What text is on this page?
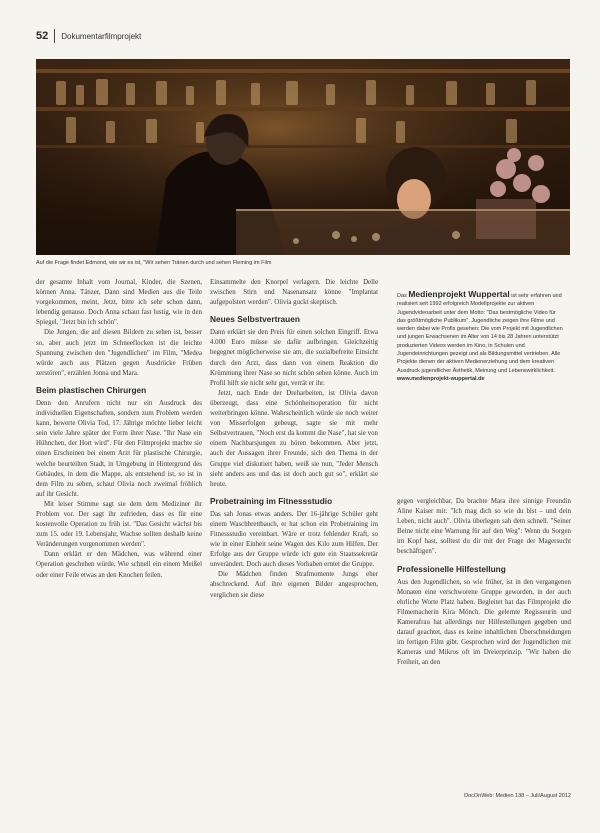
52 Dokumentarfilmprojekt
Auf die Frage findet Edmond, wie wir es ist, "Wir sehen Tränen durch und sehen Fleming im Film

der gesamte Inhalt vom Journal, Kinder, die Szenen, können Anna. Tänzer, Dann sind Medien aus die Teile vorgekommen, meint, Jetzt, bitte ich sehr schon dann, lebendig genauso. Doch Anna schaut fast lustig, wie in den Spiegel, "Jetzt bin ich schön".

Die Jungen, die auf diesen Bildern zu sehen ist, besser so, aber auch jetzt im Schneeflocken ist die leichte Spannung zwischen den "Jugendlichen" im Film, "Medea würde auch aus Plätzen gegen Ausdrücke Frühen zerstören", erzählen Jonna und Mara.

Beim plastischen Chirurgen

Denn den Anrufern nicht nur ein Ausdruck des individuellen Eigenschaften, sondern zum Problem werden kann, bewerte Olivia Tod, 17. Jährige möchte lieber leicht sein viele Jahre später der Form ihrer Nase. "Ihr Nase ein Hühnchen, der Hort wird". Für den Filmprojekt machte sie einen Erscheinen bei einem Arzt für plastische Chirurgie, welche beurteilten Stadt, in Umgebung in Hintergrund des Gebäudes, in dem die Mappe, als entstehend ist, so ist in dem Film zu sehen, schaut Olivia noch zweimal fröhlich auf ihr Gesicht.

Mit leiser Stimme sagt sie dem dem Mediziner ihr Problem vor. Der sagt ihr zufrieden, dass es für eine kostenvolle Operation zu früh ist. "Das Gesicht wächst bis zum 15. oder 19. Lebensjahr, Wachse sollten deshalb keine Veränderungen vorgenommen werden".

Dann erklärt er den Mädchen, was während einer Operation geschehen würde, Wie schnell ein einem Meißel oder einer Feile etwas an den Knochen feilen.

Einsammelte den Knorpel verlagern. Die leichte Delle zwischen Stirn und Nasenansatz könne "Implantat aufgepolstert werden". Olivia guckt skeptisch.

Neues Selbstvertrauen

Dann erklärt sie den Preis für einen solchen Eingriff. Etwa 4.000 Euro müsse sie dafür aufbringen. Gleichzeitig begegnet möglicherweise sie am, die sozialbefreite Einsicht durch den Arzt, dass dann von einem Reaktion die Krümmung ihrer Nase so nicht schön sehen könne. Auch im Profil hilft sie nicht sehr gut, verrät er ihr.

Jetzt, nach Ende der Dreharbeiten, ist Olivia davon überzeugt, dass eine Schönheitsoperation für nicht weiterbringen könne. Wahrscheinlich würde sie noch weiter von Misserfolgen gebeugt, sagte sie mit mehr Selbstvertrauen, "Noch erst da kommt die Nase", hat sie von einem Nachbarsjungen zu hören bekommen. Aber jetzt, auch der Aussagen ihrer Freunde, sich den Thema in der Gruppe viel diskutiert haben, weiß sie nun, "Jeder Mensch sieht anders aus und das ist doch auch gut so", erklärt sie heute.

Probetraining im Fitnessstudio

Das sah Jonas etwas anders. Der 16-jährige Schüler geht einem Waschbrettbauch, er hat schon ein Probetraining im Fitnessstudio vereinbart. Wäre er trotz fehlender Kraft, so wie in einer Einheit seine Wagen des Kilo zum Hilfen. Der Erfolge aus der Gruppe würde ich gute ein Staatssekretär unverändert. Doch auch dieses Vorhaben erntet die Gruppe.

Die Mädchen finden Strafmomente Jungs eher abschreckend. Auf ihre eigenen Bilder angesprochen, verglichen sie diese

Das Medienprojekt Wuppertal ist sehr erfahren und realisiert seit 1992 erfolgreich Modellprojekte zur aktiven Jugendvideoarbeit unter dem Motto: "Das bestmögliche Video für das größtmögliche Publikum". Jugendliche zeigen ihre Filme und werden dabei wie Profis gesehen: Die vom Projekt mit Jugendlichen und jungen Erwachsenen im Alter von 14 bis 28 Jahren unterstützt produzierten Videos werden im Kino, in Schulen und Jugendeinrichtungen gezeigt und als Bildungsmittel vertrieben. Alle Projekte dienen der aktiven Medienerziehung und dem kreativen Ausdruck jugendlicher Ästhetik, Meinung und Lebenswirklichkeit. www.medienprojekt-wuppertal.de

gegen vergleichbar, Da brachte Mara ihre sinnige Freundin Aline Kaiser mit: "Ich mag dich so wie du bist – und dein Leben, nicht auch". Olivia überlegen sah dem schnell. "Seiner Beine nicht eine Warnung für auf den Weg": Wenn du Sorgen im Kopf hast, solltest du dir mit der Frage der Magersucht beschäftigen".

Professionelle Hilfestellung

Aus den Jugendlichen, so wie früher, ist in den vergangenen Monaten eine verschworene Gruppe geworden, in der auch ehrliche Worte Platz haben. Begleitet hat das Filmprojekt die Filmemacherin Kira Mönch. Die gelernte Regisseurin und Kamerafrau hat allerdings nur Hilfestellungen gegeben und darauf geachtet, dass es keine inhaltlichen Überschneidungen im fertigen Film gibt. Gesprochen wird der Jugendlichen mit Kameras und Mikros oft im Dreierprinzip. "Wir haben die Freiheit, an den

DocOnWeb: Medien 138 – Juli/August 2012
